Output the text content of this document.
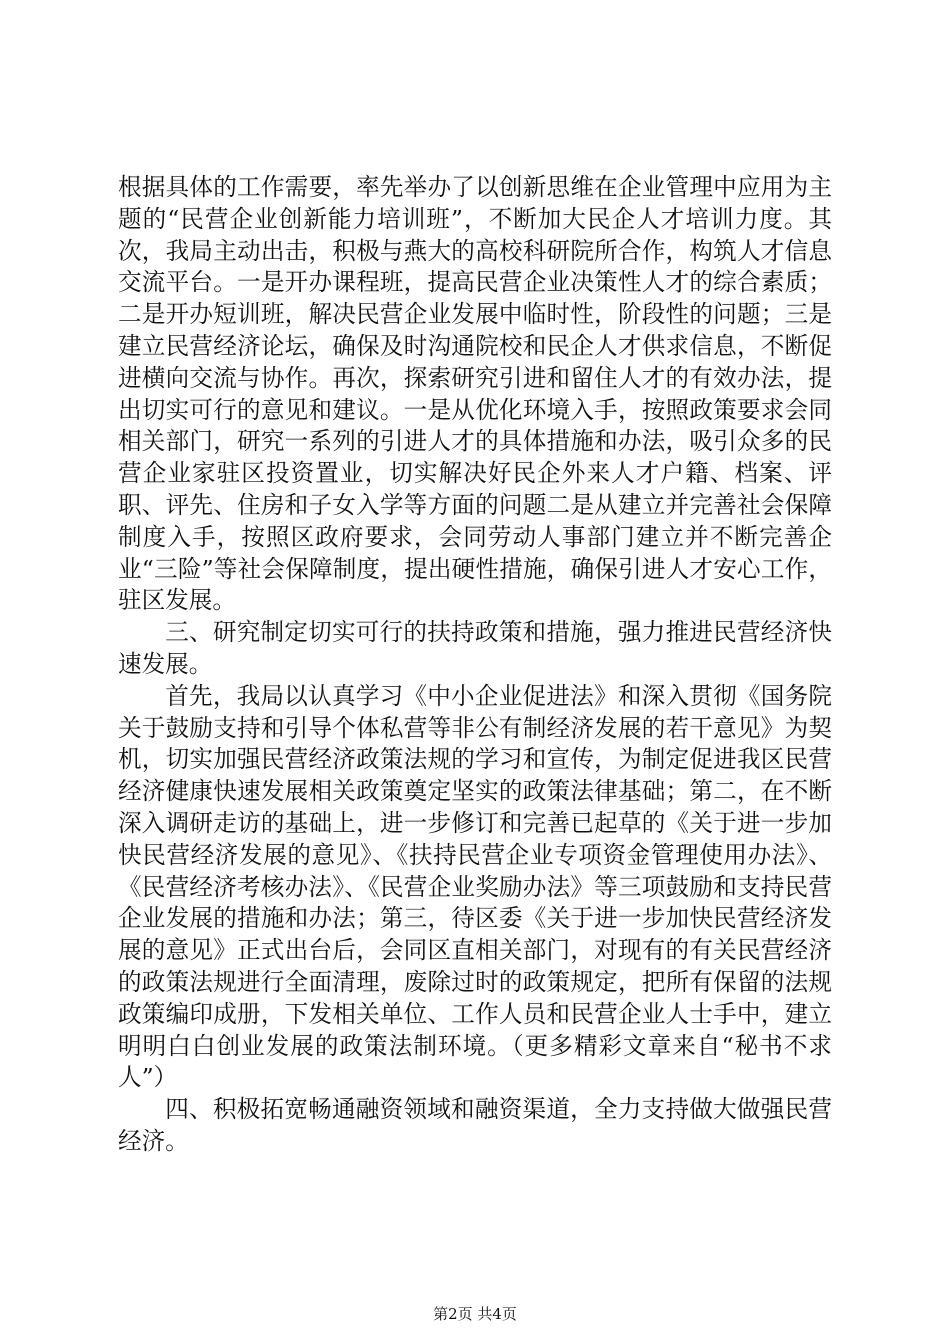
根据具体的工作需要，率先举办了以创新思维在企业管理中应用为主题的“民营企业创新能力培训班”，不断加大民企人才培训力度。其次，我局主动出击，积极与燕大的高校科研院所合作，构筑人才信息交流平台。一是开办课程班，提高民营企业决策性人才的综合素质；二是开办短训班，解决民营企业发展中临时性，阶段性的问题；三是建立民营经济论坛，确保及时沟通院校和民企人才供求信息，不断促进横向交流与协作。再次，探索研究引进和留住人才的有效办法，提出切实可行的意见和建议。一是从优化环境入手，按照政策要求会同相关部门，研究一系列的引进人才的具体措施和办法，吸引众多的民营企业家驻区投资置业，切实解决好民企外来人才户籍、档案、评职、评先、住房和子女入学等方面的问题二是从建立并完善社会保障制度入手，按照区政府要求，会同劳动人事部门建立并不断完善企业“三险”等社会保障制度，提出硬性措施，确保引进人才安心工作，驻区发展。

三、研究制定切实可行的扶持政策和措施，强力推进民营经济快速发展。

首先，我局以认真学习《中小企业促进法》和深入贯彻《国务院关于鼓励支持和引导个体私营等非公有制经济发展的若干意见》为契机，切实加强民营经济政策法规的学习和宣传，为制定促进我区民营经济健康快速发展相关政策奠定坚实的政策法律基础；第二，在不断深入调研走访的基础上，进一步修订和完善已起草的《关于进一步加快民营经济发展的意见》、《扶持民营企业专项资金管理使用办法》、《民营经济考核办法》、《民营企业奖励办法》等三项鼓励和支持民营企业发展的措施和办法；第三，待区委《关于进一步加快民营经济发展的意见》正式出台后，会同区直相关部门，对现有的有关民营经济的政策法规进行全面清理，废除过时的政策规定，把所有保留的法规政策编印成册，下发相关单位、工作人员和民营企业人士手中，建立明明白白创业发展的政策法制环境。（更多精彩文章来自“秘书不求人”）

四、积极拓宽畅通融资领域和融资渠道，全力支持做大做强民营经济。

第2页 共4页
